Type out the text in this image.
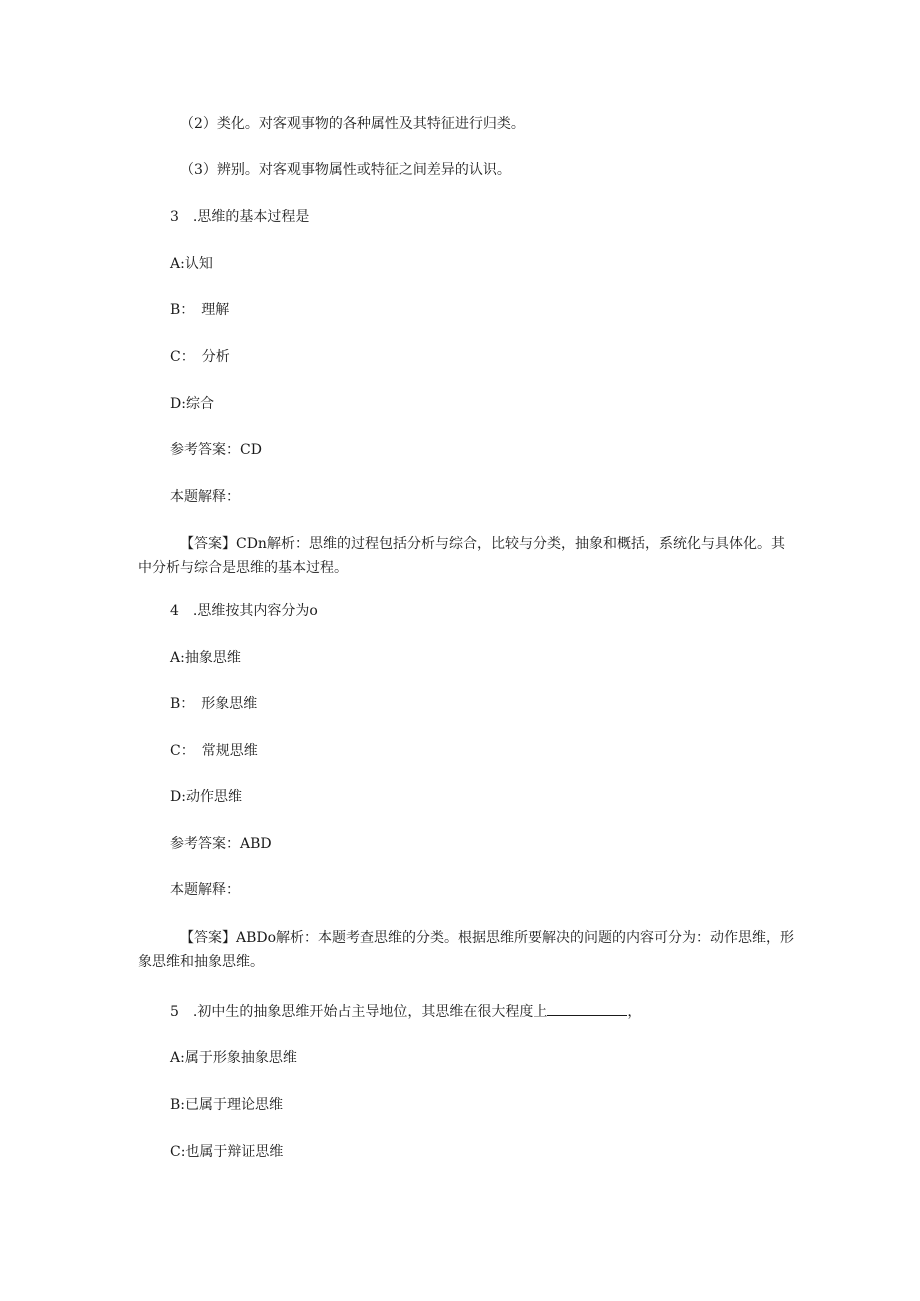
（2）类化。对客观事物的各种属性及其特征进行归类。
（3）辨别。对客观事物属性或特征之间差异的认识。
3　.思维的基本过程是
A:认知
B：　理解
C：　分析
D:综合
参考答案：CD
本题解释：
【答案】CDn解析：思维的过程包括分析与综合，比较与分类，抽象和概括，系统化与具体化。其中分析与综合是思维的基本过程。
4　.思维按其内容分为o
A:抽象思维
B：　形象思维
C：　常规思维
D:动作思维
参考答案：ABD
本题解释：
【答案】ABDo解析：本题考查思维的分类。根据思维所要解决的问题的内容可分为：动作思维，形象思维和抽象思维。
5　.初中生的抽象思维开始占主导地位，其思维在很大程度上	，
A:属于形象抽象思维
B:已属于理论思维
C:也属于辩证思维
